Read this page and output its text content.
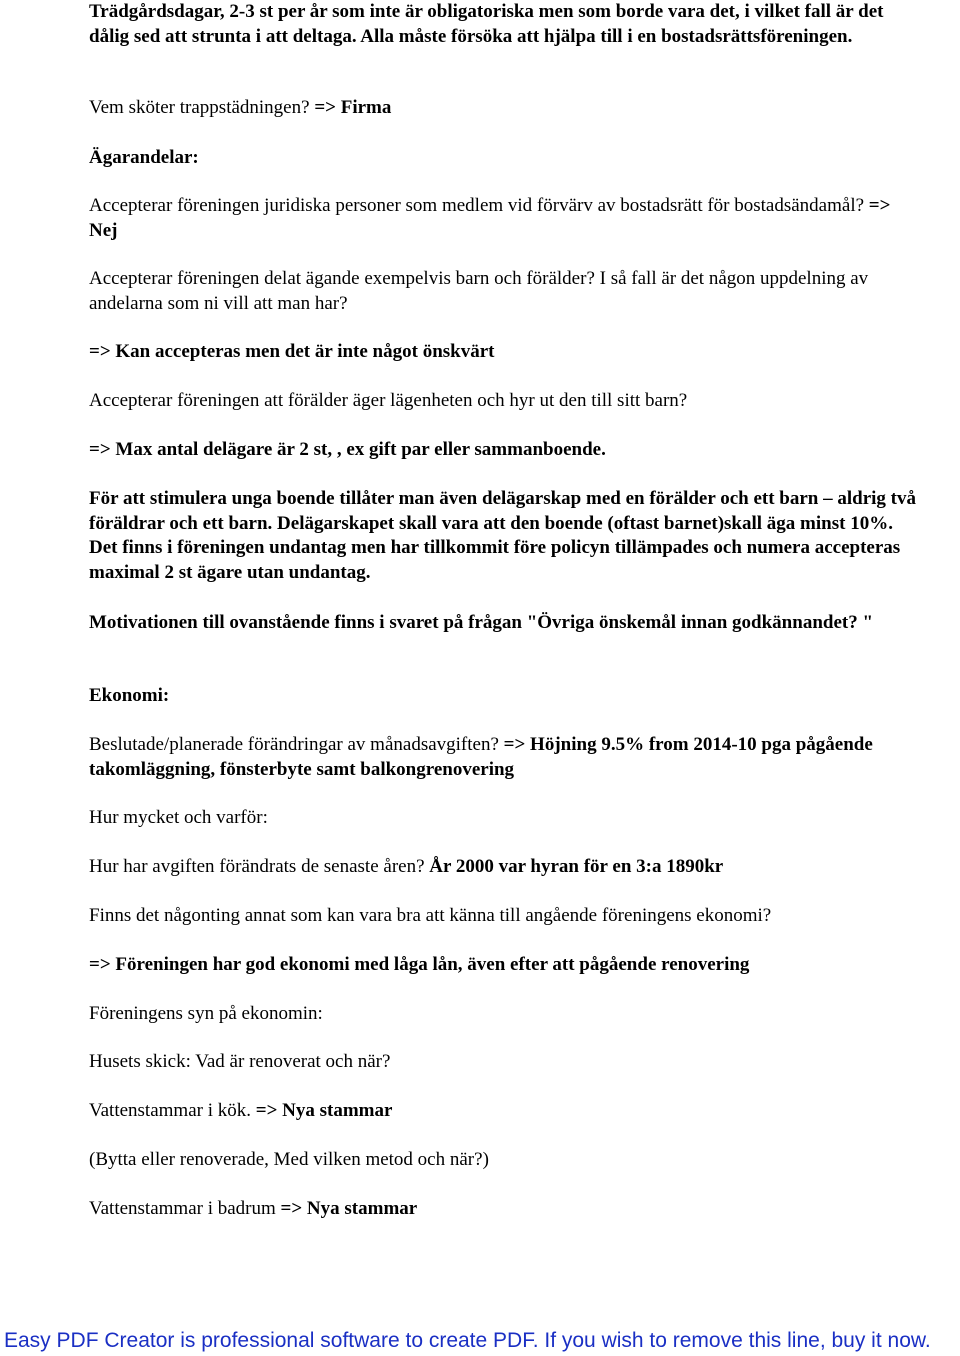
Trädgårdsdagar, 2-3 st per år som inte är obligatoriska men som borde vara det, i vilket fall är det dålig sed att strunta i att deltaga. Alla måste försöka att hjälpa till i en bostadsrättsföreningen.

Vem sköter trappstädningen? => Firma

Ägarandelar:

Accepterar föreningen juridiska personer som medlem vid förvärv av bostadsrätt för bostadsändamål? => Nej

Accepterar föreningen delat ägande exempelvis barn och förälder? I så fall är det någon uppdelning av andelarna som ni vill att man har?

=> Kan accepteras men det är inte något önskvärt

Accepterar föreningen att förälder äger lägenheten och hyr ut den till sitt barn?

=> Max antal delägare är 2 st, , ex gift par eller sammanboende.

För att stimulera unga boende tillåter man även delägarskap med en förälder och ett barn – aldrig två föräldrar och ett barn. Delägarskapet skall vara att den boende (oftast barnet)skall äga minst 10%. Det finns i föreningen undantag men har tillkommit före policyn tillämpades och numera accepteras maximal 2 st ägare utan undantag.

Motivationen till ovanstående finns i svaret på frågan "Övriga önskemål innan godkännandet? "

Ekonomi:

Beslutade/planerade förändringar av månadsavgiften? => Höjning 9.5% from 2014-10 pga pågående takomläggning, fönsterbyte samt balkongrenovering

Hur mycket och varför:

Hur har avgiften förändrats de senaste åren? År 2000 var hyran för en 3:a 1890kr

Finns det någonting annat som kan vara bra att känna till angående föreningens ekonomi?

=> Föreningen har god ekonomi med låga lån, även efter att pågående renovering

Föreningens syn på ekonomin:

Husets skick: Vad är renoverat och när?

Vattenstammar i kök. => Nya stammar

(Bytta eller renoverade, Med vilken metod och när?)

Vattenstammar i badrum => Nya stammar

Easy PDF Creator is professional software to create PDF. If you wish to remove this line, buy it now.
